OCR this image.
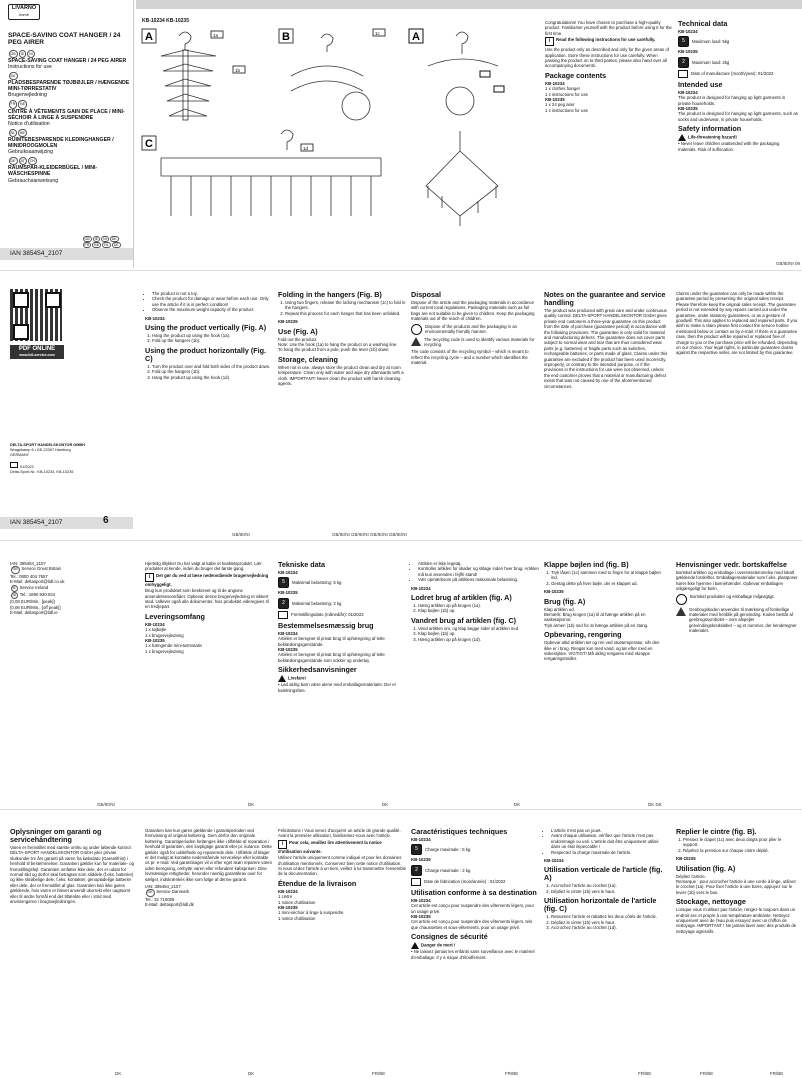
LIVARNO
home
SPACE-SAVING COAT HANGER / 24 PEG AIRER
GB IE NI
SPACE-SAVING COAT HANGER / 24 PEG AIRER
Instructions for use
DK
PLADSBESPARENDE TØJBØJLER / HÆNGENDE MINI-TØRRESTATIV
Brugervejledning
FR BE
CINTRE À VÊTEMENTS GAIN DE PLACE / MINI-SÉCHOIR À LINGE À SUSPENDRE
Notice d'utilisation
NL BE
RUIMTEBESPARENDE KLEDINGHANGER / MINIDROOGMOLEN
Gebruiksaanwijzing
DE AT CH
RAUMSPAR-KLEIDERBÜGEL / MINI-WÄSCHESPINNE
Gebrauchsanweisung
GB IE NI DK
FR BE NL DE

IAN 385454_2107
KB-10234 KB-10235
A	B
C
1a
1b
1c
1d
A

Congratulations! You have chosen to purchase a high-quality product. Familiarise yourself with the product before using it for the first time.

i Read the following instructions for use carefully.

Use the product only as described and only for the given areas of application. Store these instructions for use carefully. When passing the product on to third parties, please also hand over all accompanying documents.

Package contents
KB-10234
1 x clothes hanger
1 x instructions for use
KB-10235
1 x 24 peg airer
1 x instructions for use
Technical data
KB-10234
5	Maximum load: 5kg
KB-10235
2	Maximum load: 2kg
Date of manufacture (month/year): 01/2022
Intended use
KB-10234

The product is designed for hanging up light garments in private households.

KB-10235

The product is designed for hanging up light garments, such as socks and underwear, in private households.

Safety information
Life-threatening hazard!
• Never leave children unattended with the packaging materials. Risk of suffocation.
GB/IE/NI 08
PDF ONLINE
www.lidl-service.com
DELTA-SPORT HANDELSKONTOR GMBH
Wragekamp 6 • DE-22397 Hamburg
GERMANY
01/2022
Delta-Sport-Nr.: KB-10234, KB-10235
IAN 385454_2107	6
• The product is not a toy.
• Check the product for damage or wear before each use. Only use the article if it is in perfect condition!
• Observe the maximum weight capacity of the product.
KB-10234
Using the product vertically (Fig. A)
1. Hang the product up using the hook (1a).
2. Fold up the hangers (1b).
Using the product horizontally (Fig. C)
1. Turn the product over and fold both sides of the product down.
2. Fold up the hangers (1b).
3. Hang the product up using the hook (1d).
Folding in the hangers (Fig. B)
1. Using two fingers, release the locking mechanism (1c) to fold in the hangers.
2. Repeat this process for each hanger that has been unfolded.
KB-10235
Use (Fig. A)

Fold out the product.

Note: Use the hook (1a) to hang the product on a washing line.

To hang the product from a pole, push the lever (1b) down.

Storage, cleaning

When not in use, always store the product clean and dry at room temperature. Clean only with water and wipe dry afterwards with a cloth. IMPORTANT! Never clean the product with harsh cleaning agents.

Disposal

Dispose of the article and the packaging materials in accordance with current local regulations. Packaging materials such as foil bags are not suitable to be given to children. Keep the packaging materials out of the reach of children.

Dispose of the products and the packaging in an environmentally friendly manner.
The recycling code is used to identify various materials for recycling.

The code consists of the recycling symbol – which is meant to reflect the recycling cycle – and a number which identifies the material.

Notes on the guarantee and service handling

The product was produced with great care and under continuous quality control. DELTA-SPORT HANDELSKONTOR GmbH gives private end customers a three-year guarantee on this product from the date of purchase (guarantee period) in accordance with the following provisions. The guarantee is only valid for material and manufacturing defects. The guarantee does not cover parts subject to normal wear and tear that are thus considered wear parts (e.g. batteries) or fragile parts such as switches, rechargeable batteries, or parts made of glass. Claims under this guarantee are excluded if the product has been used incorrectly, improperly, or contrary to the intended purpose, or if the provisions in the instructions for use were not observed, unless the end customer proves that a material or manufacturing defect exists that was not caused by one of the aforementioned circumstances.

Claims under the guarantee can only be made within the guarantee period by presenting the original sales receipt. Please therefore keep the original sales receipt. The guarantee period is not extended by any repairs carried out under the guarantee, under statutory guarantees, or as a gesture of goodwill. This also applies to replaced and repaired parts. If you wish to make a claim please first contact the service hotline mentioned below or contact us by e-mail. If there is a guarantee case, then the product will be repaired or replaced free of charge to you or the purchase price will be refunded, depending on our choice. Your legal rights, in particular guarantee claims against the respective seller, are not limited by this guarantee.

GB/IE/NI	GB/IE/NI GB/IE/NI GB/IE/NI GB/IE/NI
IAN: 385454_2107
GB Service Great Britain
Tel.: 0800 404 7657
E-Mail: deltasport@lidl.co.uk
IE Service Ireland
NI Tel.: 1890 930 034
(0,08 EUR/Min., [peak])
(0,06 EUR/Min., [off peak])
E-Mail: deltasport@lidl.ie

Hjertelig tillykke! Du har valgt at købe et kvalitetsprodukt. Lær produktet at kende, inden du bruger det første gang.

i Det gør du ved at læse nedenstående brugervejledning omhyggeligt.

Brug kun produktet som beskrevet og til de angivne anvendelsesområder. Opbevar denne brugervejledning et sikkert sted. Udlever også alle dokumenter, hvis produktet videregives til en tredjepart.

Leveringsomfang
KB-10234
1 x tøjbøjle
1 x brugervejledning
KB-10235
1 x hængende mini-tørrestativ
1 x brugervejledning
Tekniske data
KB-10234
5	Maksimal belastning: 5 kg
KB-10235
2	Maksimal belastning: 2 kg
Fremstillingsdato (måned/år): 01/2022
Bestemmelsesmæssig brug
KB-10234

Artiklen er beregnet til privat brug til ophængning af lette beklædningsgenstande.

KB-10235

Artiklen er beregnet til privat brug til ophængning af lette beklædningsgenstande som sokker og undertøj.

Sikkerhedsanvisninger
Livsfare!
• Lad aldrig børn være alene med emballagematerialet. Der er kvælningsfare.
• Artiklen er ikke legetøj.
• Kontroller artiklen for skader og slitage inden hver brug. Artiklen må kun anvendes i fejlfri stand!
• Vær opmærksom på artiklens maksimale belastning.
KB-10234
Lodret brug af artiklen (fig. A)
1. Hæng artiklen op på krogen (1a).
2. Klap bøjlen (1b) op.
Vandret brug af artiklen (fig. C)
1. Vend artiklen om, og klap begge sider af artiklen ned.
2. Klap bøjlen (1b) op.
3. Hæng artiklen op på krogen (1d).
Klappe bøjlen ind (fig. B)
1. Tryk låsen (1c) sammen med to fingre for at klappe bøjlen ind.
2. Gentag dette på hver bøjle, der er klappet ud.
KB-10235
Brug (fig. A)

Klap artiklen ud.

Bemærk: Brug krogen (1a) til at hænge artiklen på en vasketøjssnor.

Tryk armen (1b) ned for at hænge artiklen på en stang.

Opbevaring, rengøring

Opbevar altid artiklen tør og ren ved stuetemperatur, når den ikke er i brug. Rengør kun med vand, og tør efter med en viskestykke. VIGTIGT! Må aldrig rengøres med skrappe rengøringsmidler.

Henvisninger vedr. bortskaffelse

Bortskaf artiklen og emballage i overensstemmelse med lokalt gældende forskrifter. Emballagematerialer som f.eks. plastposer hører ikke hjemme i børnehænder. Opbevar emballagen utilgængeligt for børn.

Bortskaf produkter og emballage miljøvigtigt.
Genbrugskoden anvendes til mærkning af forskellige materialer med henblik på genvinding. Koden består af genbrugssymbolet – som afspejler genvindingskredsløbet – og et nummer, der kendetegner materialet.
GB/IE/NI	DK	DK	DK	DK DK
Oplysninger om garanti og servicehåndtering

Varen er fremstillet med største omhu og under løbende kontrol. DELTA-SPORT HANDELSKONTOR GmbH yder private slutkunder tre års garanti på varen fra købsdato (Garantifrist) i henhold til bestemmelser. Garantien gælder kun for materiale- og fremstillingsfejl. Garantien omfatter ikke dele, der er udsat for normal slid og derfor skal betragtes som sliddele (f.eks. batterier) og ikke skrøbelige dele, f.eks. kontakter, genopladelige batterier eller dele, der er fremstillet af glas. Garantien kan ikke gøres gældende, hvis varen er blevet anvendt ukorrekt eller uagtsomt eller til andre formål end det tiltænkte eller i strid med anvisningerne i brugsvejledningen.

Garantien kan kun gøres gældende i garantiperioden ved fremvisning af original kvittering. Gem derfor den originale kvittering. Garantiperioden forlænges ikke i tilfælde af reparation i henhold til garantien, den lovpligtige garanti eller pr. kulance. Dette gælder også for udskiftede og reparerede dele. I tilfælde af klager er det muligt at kontakte nedenstående servicelinje eller kontakte os pr. e-mail. Ved garantisager vil vi efter eget skøn reparere varen uden beregning, ombytte varen eller refundere købsprisen. Dine lovmæssige rettigheder, herunder navnlig garantikrav over for sælger, indskrænkes ikke som følge af denne garanti.

IAN: 385454_2107
DK Service Danmark
Tel.: 32 710005
E-Mail: deltasport@lidl.dk

Félicitations ! Vous venez d'acquérir un article de grande qualité. Avant la première utilisation, familiarisez-vous avec l'article.

i Pour cela, veuillez lire attentivement la notice d'utilisation suivante.

Utilisez l'article uniquement comme indiqué et pour les domaines d'utilisation mentionnés. Conservez bien cette notice d'utilisation. Si vous cédez l'article à un tiers, veillez à lui transmettre l'ensemble de la documentation.

Étendue de la livraison
KB-10234
1 cintre
1 notice d'utilisation
KB-10235
1 mini-séchoir à linge à suspendre
1 notice d'utilisation
Caractéristiques techniques
KB-10234
5	Charge maximale : 5 kg
KB-10235
2	Charge maximale : 2 kg
Date de fabrication (mois/année) : 01/2022
Utilisation conforme à sa destination
KB-10234

Cet article est conçu pour suspendre des vêtements légers, pour un usage privé.

KB-10235

Cet article est conçu pour suspendre des vêtements légers, tels que chaussettes et sous-vêtements, pour un usage privé.

Consignes de sécurité
Danger de mort !
• Ne laissez jamais les enfants sans surveillance avec le matériel d'emballage. Il y a risque d'étouffement.
• L'article n'est pas un jouet.
• Avant chaque utilisation, vérifiez que l'article n'est pas endommagé ou usé. L'article doit être uniquement utilisé dans un état impeccable !
• Respectez la charge maximale de l'article.
KB-10234
Utilisation verticale de l'article (fig. A)
1. Accrochez l'article au crochet (1a).
2. Dépliez le cintre (1b) vers le haut.
Utilisation horizontale de l'article (fig. C)
1. Retournez l'article et rabattez les deux côtés de l'article.
2. Dépliez le cintre (1b) vers le haut.
3. Accrochez l'article au crochet (1d).
Replier le cintre (fig. B).
1. Pressez le clapet (1c) avec deux doigts pour plier le support.
2. Répétez la pression sur chaque cintre déplié.
KB-10235
Utilisation (fig. A)

Dépliez l'article.

Remarque : pour accrocher l'article à une corde à linge, utilisez le crochet (1a). Pour fixer l'article à une barre, appuyez sur le levier (1b) vers le bas.

Stockage, nettoyage

Lorsque vous n'utilisez pas l'article, rangez-le toujours dans un endroit sec et propre à une température ambiante. Nettoyez uniquement avec de l'eau puis essuyez avec un chiffon de nettoyage. IMPORTANT ! Ne jamais laver avec des produits de nettoyage agressifs.

DK	DK	FR/BE	FR/BE	FR/BE	FR/BE	FR/BE
